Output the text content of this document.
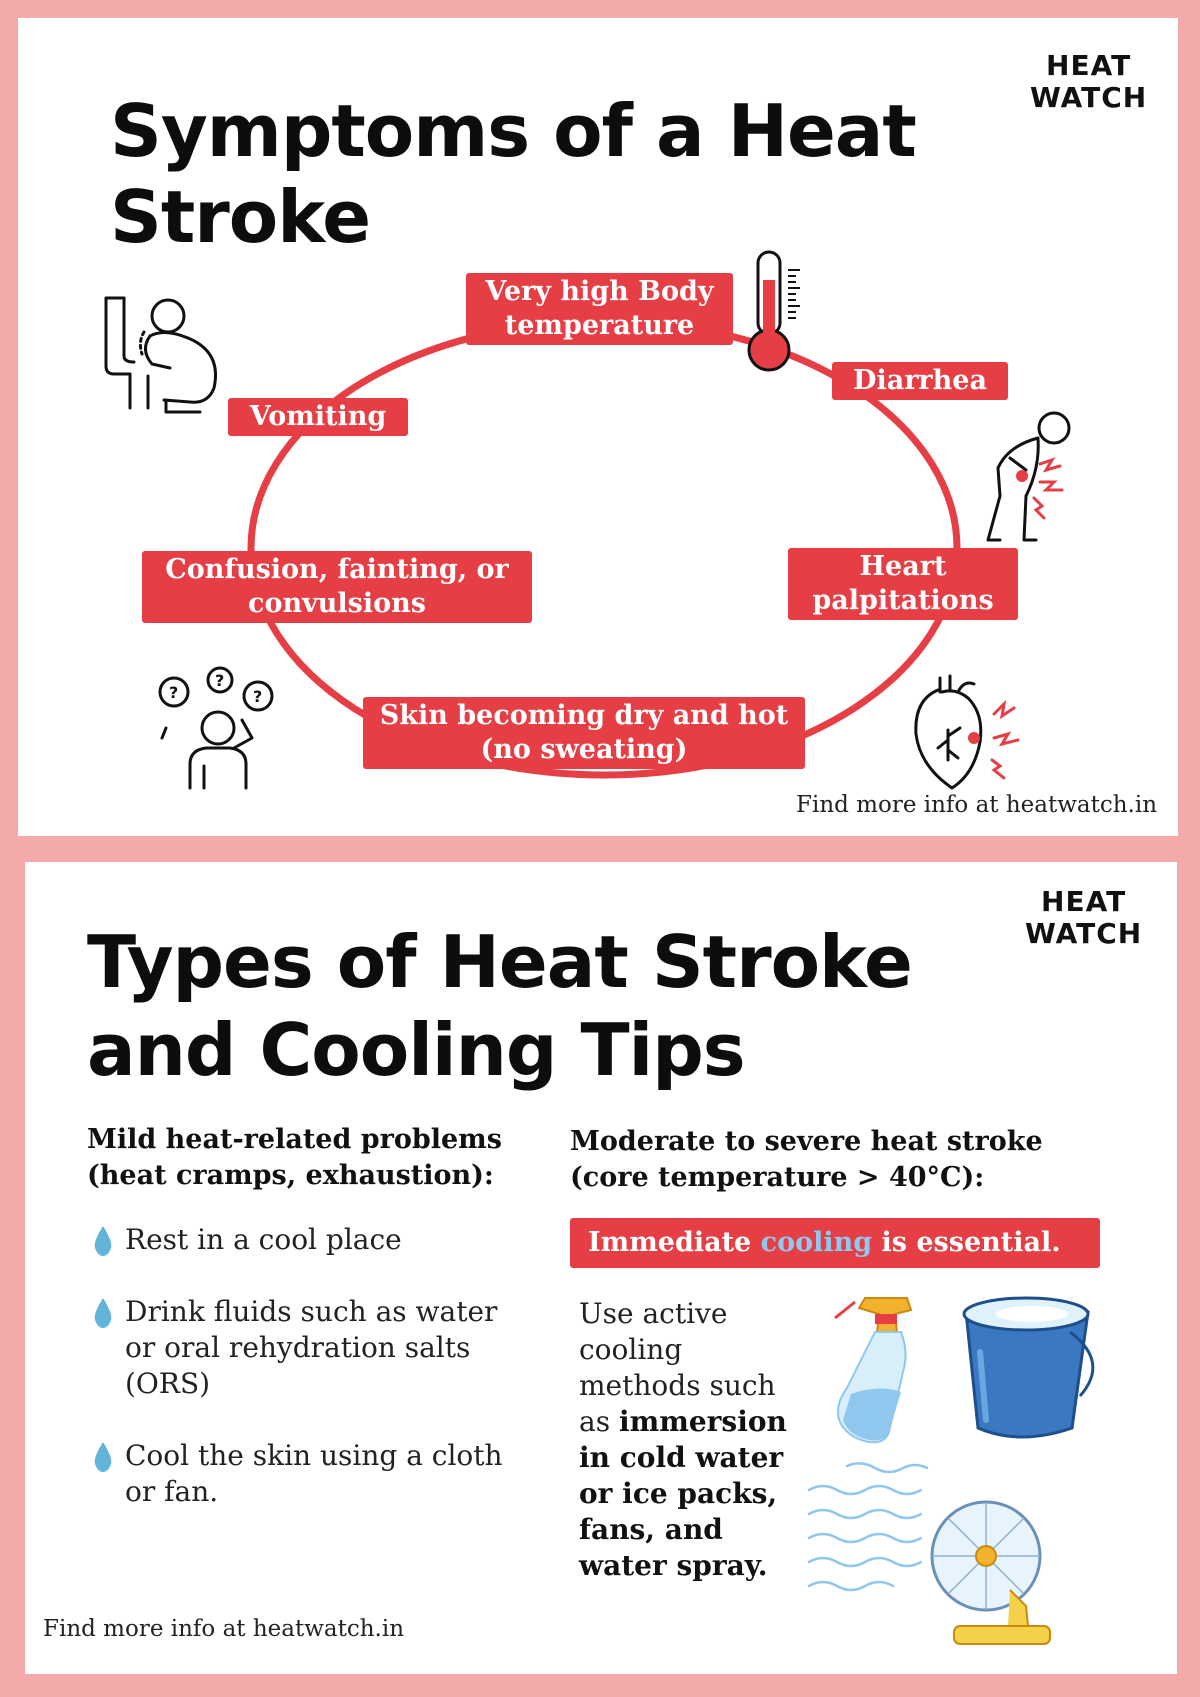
HEAT
WATCH
Symptoms of a Heat
Stroke
?
?
?
Very high Body
temperature
Diarrhea
Vomiting
Confusion, fainting, or
convulsions
Heart
palpitations
Skin becoming dry and hot
(no sweating)
Find more info at heatwatch.in
HEAT
WATCH
Types of Heat Stroke
and Cooling Tips
Mild heat-related problems
(heat cramps, exhaustion):
Rest in a cool place
Drink fluids such as water
or oral rehydration salts
(ORS)
Cool the skin using a cloth
or fan.
Moderate to severe heat stroke
(core temperature > 40°C):
Immediate cooling is essential.
Use active
cooling
methods such
as immersion
in cold water
or ice packs,
fans, and
water spray.
Find more info at heatwatch.in
